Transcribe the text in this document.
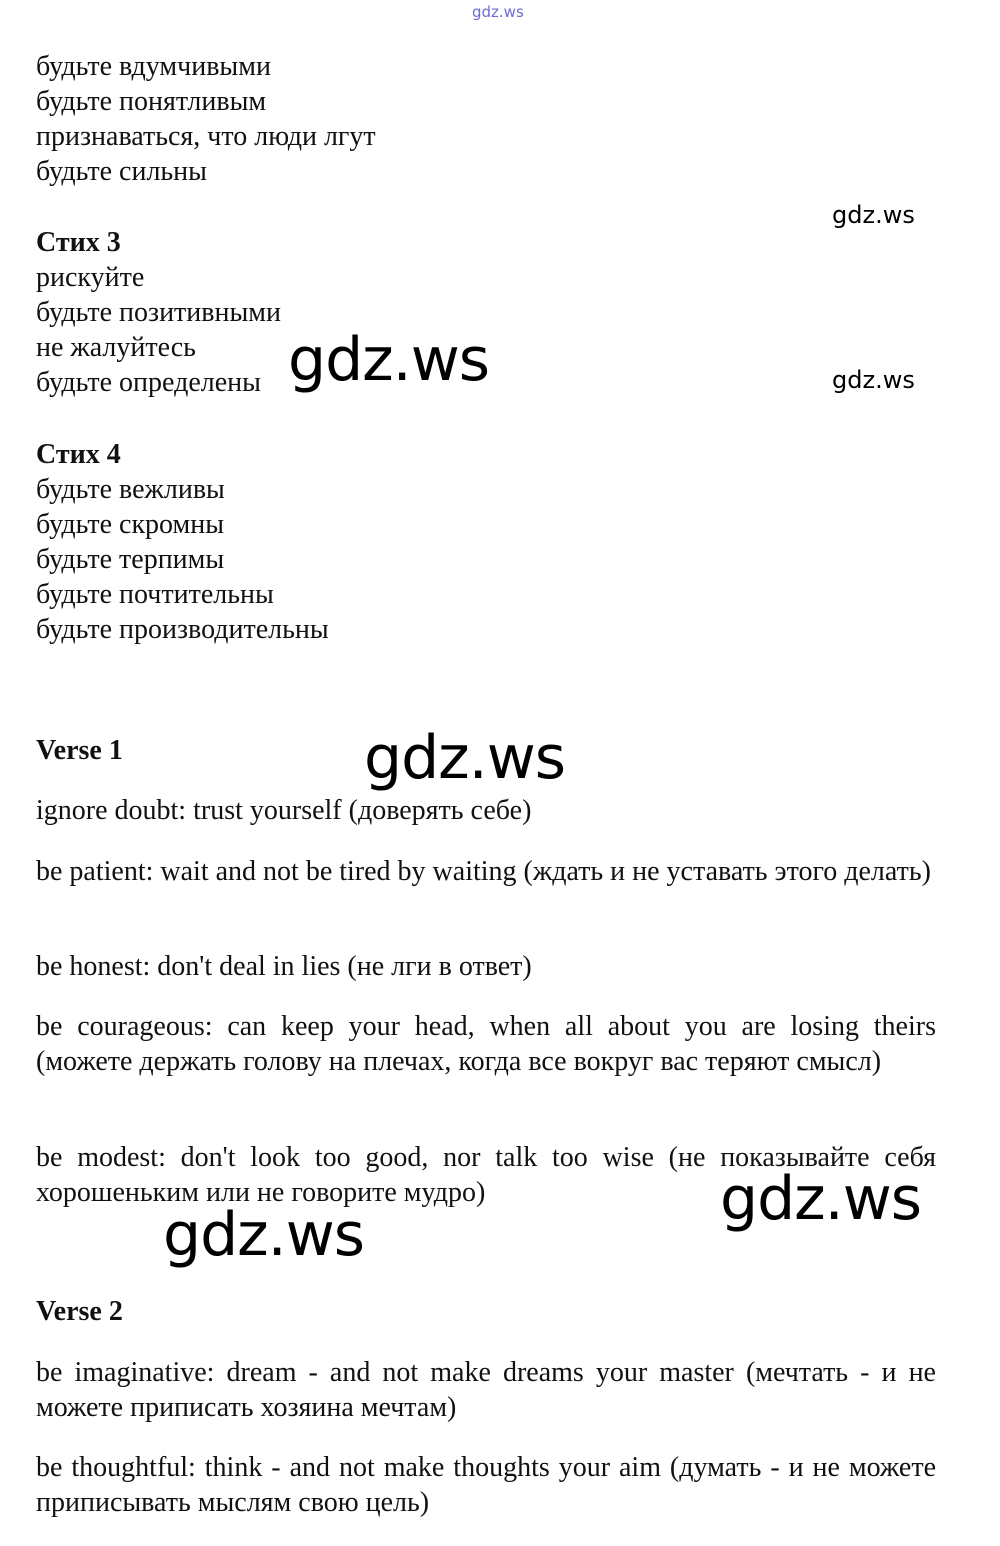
gdz.ws
gdz.ws
gdz.ws
gdz.ws
gdz.ws
gdz.ws
gdz.ws
будьте вдумчивыми
будьте понятливым
признаваться, что люди лгут
будьте сильны
Стих 3
рискуйте
будьте позитивными
не жалуйтесь
будьте определены
Стих 4
будьте вежливы
будьте скромны
будьте терпимы
будьте почтительны
будьте производительны
Verse 1
ignore doubt: trust yourself (доверять себе)
be patient: wait and not be tired by waiting (ждать и не уставать этого делать)
be honest: don't deal in lies (не лги в ответ)
be courageous: can keep your head, when all about you are losing theirs (можете держать голову на плечах, когда все вокруг вас теряют смысл)
be modest: don't look too good, nor talk too wise (не показывайте себя хорошеньким или не говорите мудро)
Verse 2
be imaginative: dream - and not make dreams your master (мечтать - и не можете приписать хозяина мечтам)
be thoughtful: think - and not make thoughts your aim (думать - и не можете приписывать мыслям свою цель)
